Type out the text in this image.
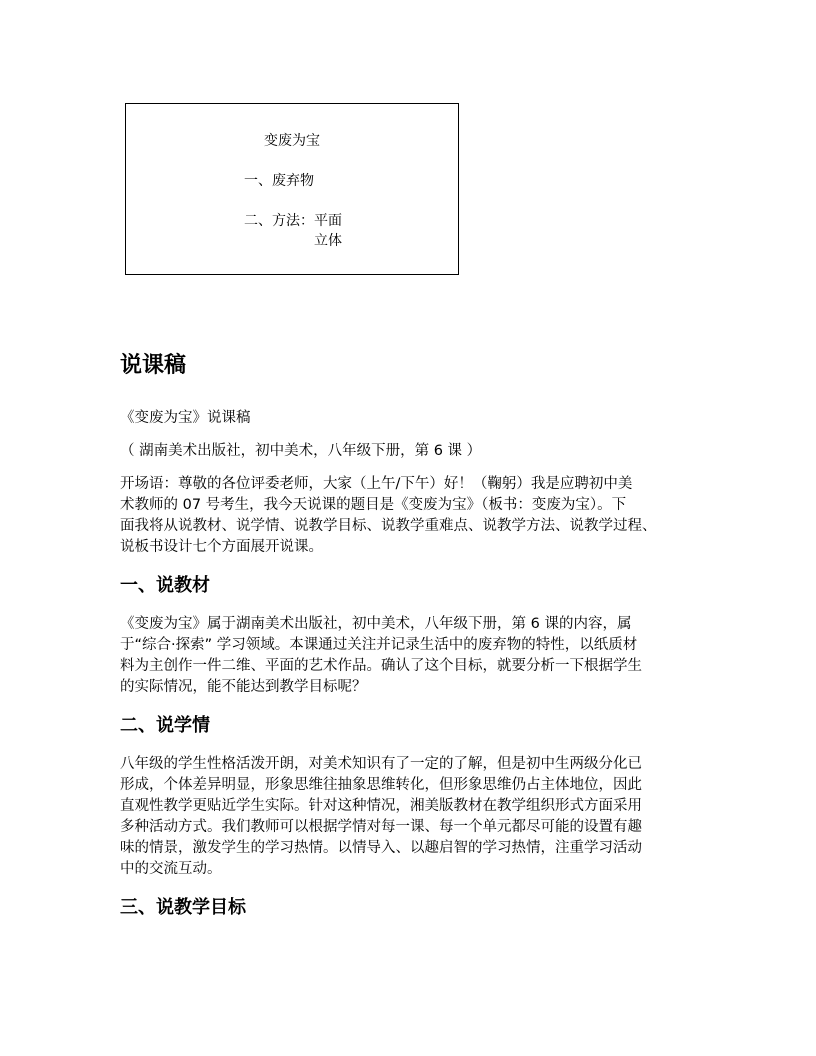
变废为宝
一、废弃物
二、方法：平面
立体
说课稿

《变废为宝》说课稿

（ 湖南美术出版社，初中美术，八年级下册，第 6 课 ）

开场语：尊敬的各位评委老师，大家（上午/下午）好！（鞠躬）我是应聘初中美
术教师的 07 号考生，我今天说课的题目是《变废为宝》（板书：变废为宝）。下
面我将从说教材、说学情、说教学目标、说教学重难点、说教学方法、说教学过程、
说板书设计七个方面展开说课。

一、说教材

《变废为宝》属于湖南美术出版社，初中美术，八年级下册，第 6 课的内容，属
于“综合·探索” 学习领域。本课通过关注并记录生活中的废弃物的特性，以纸质材
料为主创作一件二维、平面的艺术作品。确认了这个目标，就要分析一下根据学生
的实际情况，能不能达到教学目标呢？

二、说学情

八年级的学生性格活泼开朗，对美术知识有了一定的了解，但是初中生两级分化已
形成，个体差异明显，形象思维往抽象思维转化，但形象思维仍占主体地位，因此
直观性教学更贴近学生实际。针对这种情况，湘美版教材在教学组织形式方面采用
多种活动方式。我们教师可以根据学情对每一课、每一个单元都尽可能的设置有趣
味的情景，激发学生的学习热情。以情导入、以趣启智的学习热情，注重学习活动
中的交流互动。

三、说教学目标
